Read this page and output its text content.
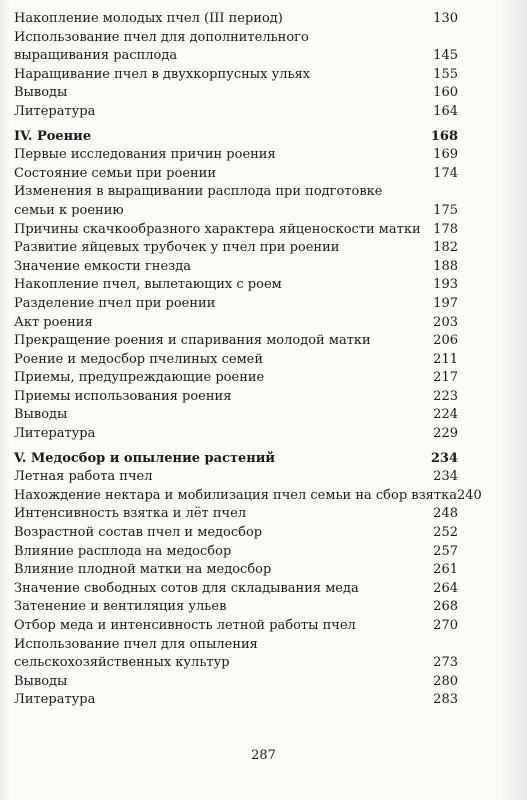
Накопление молодых пчел (III период)	130
Использование пчел для дополнительного
выращивания расплода	145
Наращивание пчел в двухкорпусных ульях	155
Выводы	160
Литература	164
IV. Роение	168
Первые исследования причин роения	169
Состояние семьи при роении	174
Изменения в выращивании расплода при подготовке
семьи к роению	175
Причины скачкообразного характера яйценоскости матки 178
Развитие яйцевых трубочек у пчел при роении	182
Значение емкости гнезда	188
Накопление пчел, вылетающих с роем	193
Разделение пчел при роении	197
Акт роения	203
Прекращение роения и спаривания молодой матки	206
Роение и медосбор пчелиных семей	211
Приемы, предупреждающие роение	217
Приемы использования роения	223
Выводы	224
Литература	229
V. Медосбор и опыление растений	234
Летная работа пчел	234
Нахождение нектара и мобилизация пчел семьи на сбор взятка 240
Интенсивность взятка и лёт пчел	248
Возрастной состав пчел и медосбор	252
Влияние расплода на медосбор	257
Влияние плодной матки на медосбор	261
Значение свободных сотов для складывания меда	264
Затенение и вентиляция ульев	268
Отбор меда и интенсивность летной работы пчел	270
Использование пчел для опыления
сельскохозяйственных культур	273
Выводы	280
Литература	283
287
